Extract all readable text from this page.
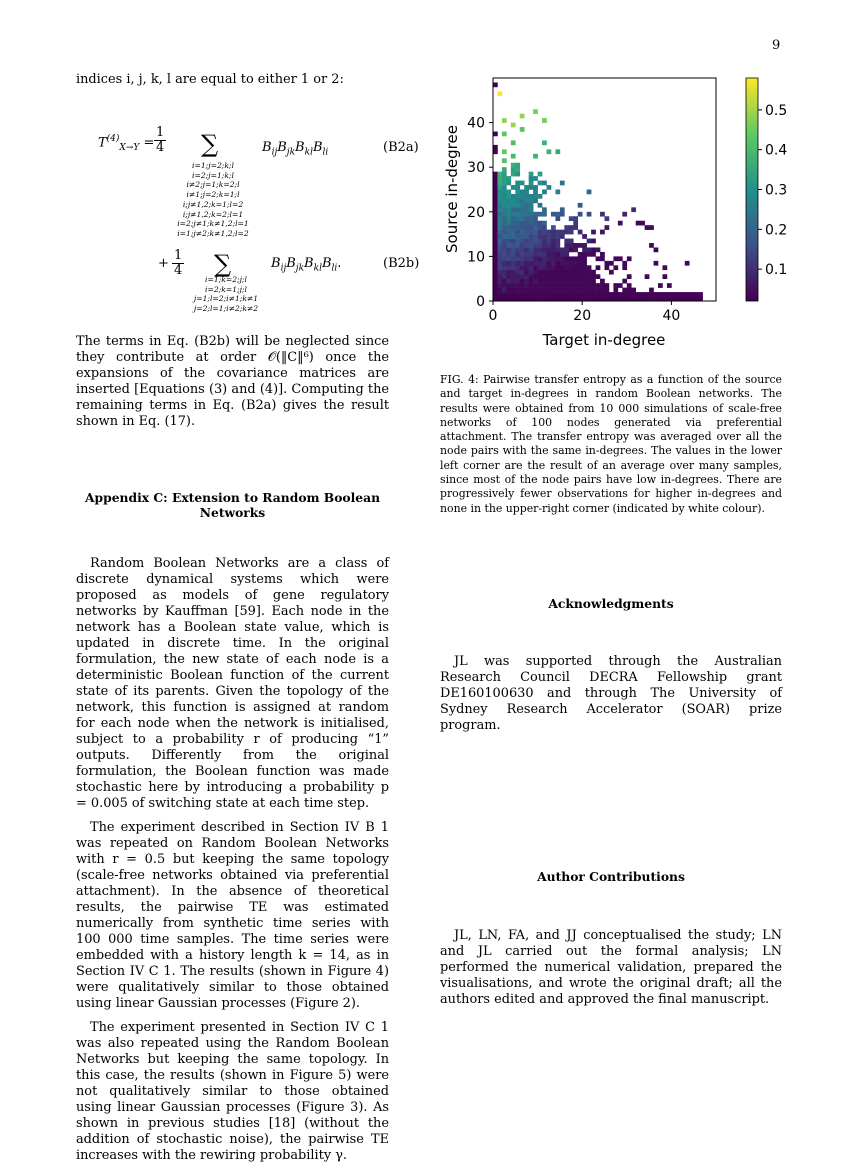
9

indices i, j, k, l are equal to either 1 or 2:

$T^{(4)}_{X\to Y} = \frac{1}{4}$ ∑
i=1;j=2;k;l
i=2;j=1;k;l
i≠2;j=1;k=2;l
i≠1;j=2;k=1;l
i;j≠1,2;k=1;l=2
i;j≠1,2;k=2;l=1
i=2;j≠1;k≠1,2;l=1
i=1;j≠2;k≠1,2;l=2
$B_{ij}B_{jk}B_{kl}B_{li}$	(B2a)
+ $\frac{1}{4}$ ∑
i=1;k=2;j;l
i=2;k=1;j;l
j=1;l=2;i≠1;k≠1
j=2;l=1;i≠2;k≠2
$B_{ij}B_{jk}B_{kl}B_{li}$.	(B2b)

The terms in Eq. (B2b) will be neglected since they contribute at order 𝒪(‖C‖⁶) once the expansions of the covariance matrices are inserted [Equations (3) and (4)]. Computing the remaining terms in Eq. (B2a) gives the result shown in Eq. (17).

Appendix C: Extension to Random Boolean Networks

Random Boolean Networks are a class of discrete dynamical systems which were proposed as models of gene regulatory networks by Kauffman [59]. Each node in the network has a Boolean state value, which is updated in discrete time. In the original formulation, the new state of each node is a deterministic Boolean function of the current state of its parents. Given the topology of the network, this function is assigned at random for each node when the network is initialised, subject to a probability r of producing “1” outputs. Differently from the original formulation, the Boolean function was made stochastic here by introducing a probability p = 0.005 of switching state at each time step.

The experiment described in Section IV B 1 was repeated on Random Boolean Networks with r = 0.5 but keeping the same topology (scale-free networks obtained via preferential attachment). In the absence of theoretical results, the pairwise TE was estimated numerically from synthetic time series with 100 000 time samples. The time series were embedded with a history length k = 14, as in Section IV C 1. The results (shown in Figure 4) were qualitatively similar to those obtained using linear Gaussian processes (Figure 2).

The experiment presented in Section IV C 1 was also repeated using the Random Boolean Networks but keeping the same topology. In this case, the results (shown in Figure 5) were not qualitatively similar to those obtained using linear Gaussian processes (Figure 3). As shown in previous studies [18] (without the addition of stochastic noise), the pairwise TE increases with the rewiring probability γ.

0	20	40
0
10
20
30
40
Target in-degree
Source in-degree
0.1
0.2
0.3
0.4
0.5
FIG. 4: Pairwise transfer entropy as a function of the source and target in-degrees in random Boolean networks. The results were obtained from 10 000 simulations of scale-free networks of 100 nodes generated via preferential attachment. The transfer entropy was averaged over all the node pairs with the same in-degrees. The values in the lower left corner are the result of an average over many samples, since most of the node pairs have low in-degrees. There are progressively fewer observations for higher in-degrees and none in the upper-right corner (indicated by white colour).
Acknowledgments

JL was supported through the Australian Research Council DECRA Fellowship grant DE160100630 and through The University of Sydney Research Accelerator (SOAR) prize program.

Author Contributions

JL, LN, FA, and JJ conceptualised the study; LN and JL carried out the formal analysis; LN performed the numerical validation, prepared the visualisations, and wrote the original draft; all the authors edited and approved the final manuscript.
